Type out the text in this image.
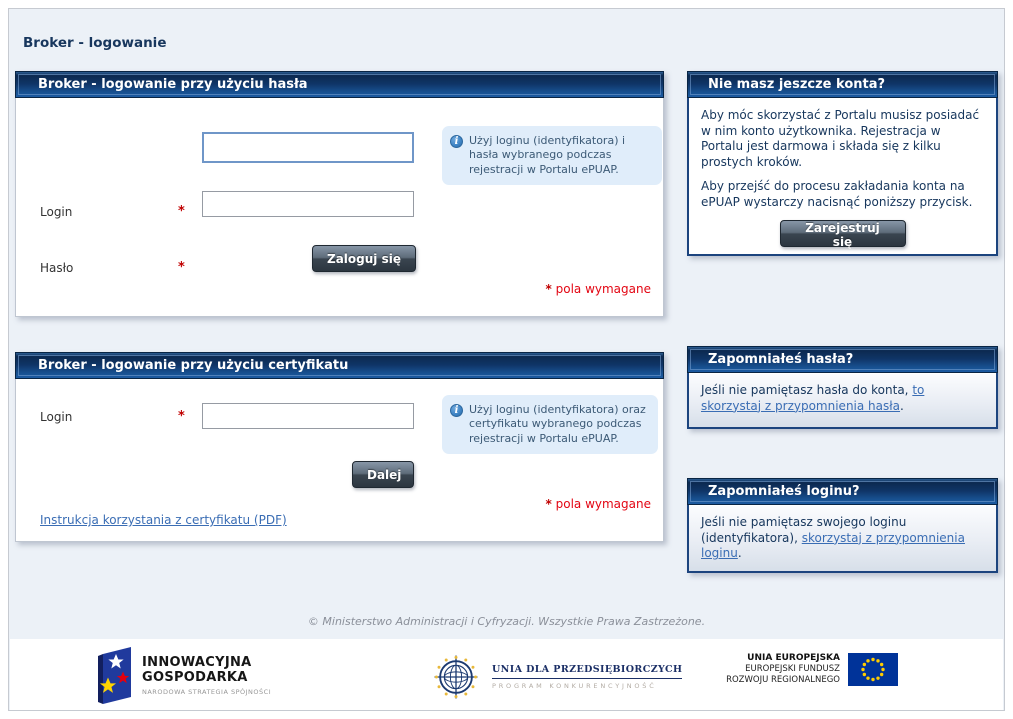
Broker - logowanie
Broker - logowanie przy użyciu hasła
Login	*
Hasło	*
i Użyj loginu (identyfikatora) i hasła wybranego podczas rejestracji w Portalu ePUAP.
Zaloguj się
* pola wymagane
Broker - logowanie przy użyciu certyfikatu
Login	*	i Użyj loginu (identyfikatora) oraz certyfikatu wybranego podczas rejestracji w Portalu ePUAP.
Dalej
* pola wymagane
Instrukcja korzystania z certyfikatu (PDF)
Nie masz jeszcze konta?

Aby móc skorzystać z Portalu musisz posiadać w nim konto użytkownika. Rejestracja w Portalu jest darmowa i składa się z kilku prostych kroków.

Aby przejść do procesu zakładania konta na ePUAP wystarczy nacisnąć poniższy przycisk.

Zarejestruj się
Zapomniałeś hasła?
Jeśli nie pamiętasz hasła do konta, to skorzystaj z przypomnienia hasła.
Zapomniałeś loginu?
Jeśli nie pamiętasz swojego loginu (identyfikatora), skorzystaj z przypomnienia loginu.
© Ministerstwo Administracji i Cyfryzacji. Wszystkie Prawa Zastrzeżone.
INNOWACYJNA
GOSPODARKA
NARODOWA STRATEGIA SPÓJNOŚCI
UNIA DLA PRZEDSIĘBIORCZYCH
PROGRAM KONKURENCYJNOŚĆ
UNIA EUROPEJSKA
EUROPEJSKI FUNDUSZ
ROZWOJU REGIONALNEGO
